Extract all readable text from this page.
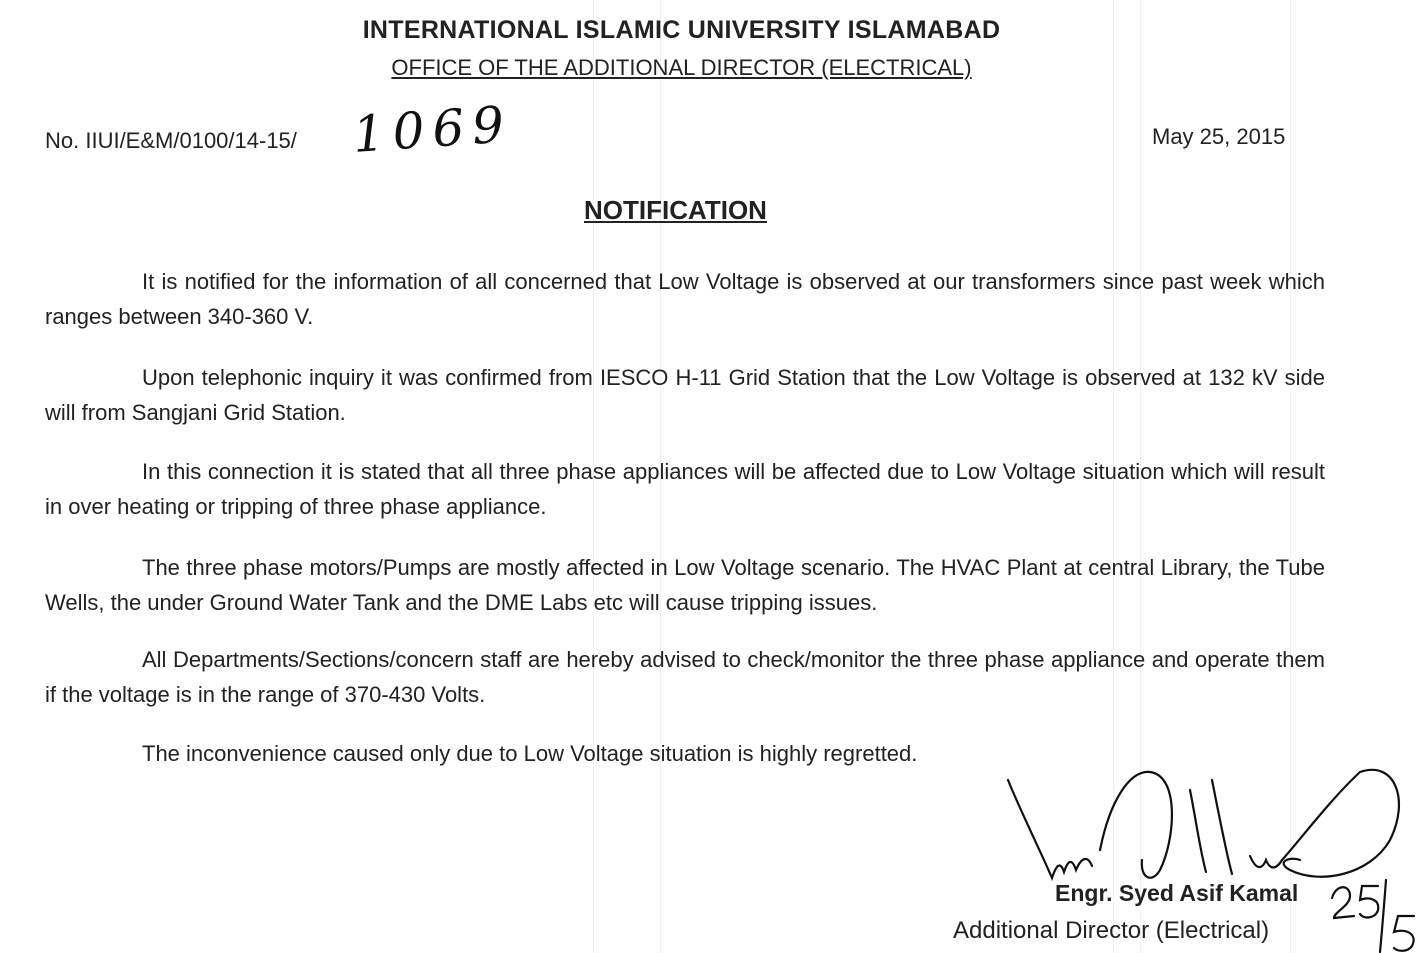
INTERNATIONAL ISLAMIC UNIVERSITY ISLAMABAD
OFFICE OF THE ADDITIONAL DIRECTOR (ELECTRICAL)
No. IIUI/E&M/0100/14-15/ 1069	May 25, 2015
NOTIFICATION
It is notified for the information of all concerned that Low Voltage is observed at our transformers since past week which ranges between 340-360 V.
Upon telephonic inquiry it was confirmed from IESCO H-11 Grid Station that the Low Voltage is observed at 132 kV side will from Sangjani Grid Station.
In this connection it is stated that all three phase appliances will be affected due to Low Voltage situation which will result in over heating or tripping of three phase appliance.
The three phase motors/Pumps are mostly affected in Low Voltage scenario. The HVAC Plant at central Library, the Tube Wells, the under Ground Water Tank and the DME Labs etc will cause tripping issues.
All Departments/Sections/concern staff are hereby advised to check/monitor the three phase appliance and operate them if the voltage is in the range of 370-430 Volts.
The inconvenience caused only due to Low Voltage situation is highly regretted.
Engr. Syed Asif Kamal
Additional Director (Electrical)
